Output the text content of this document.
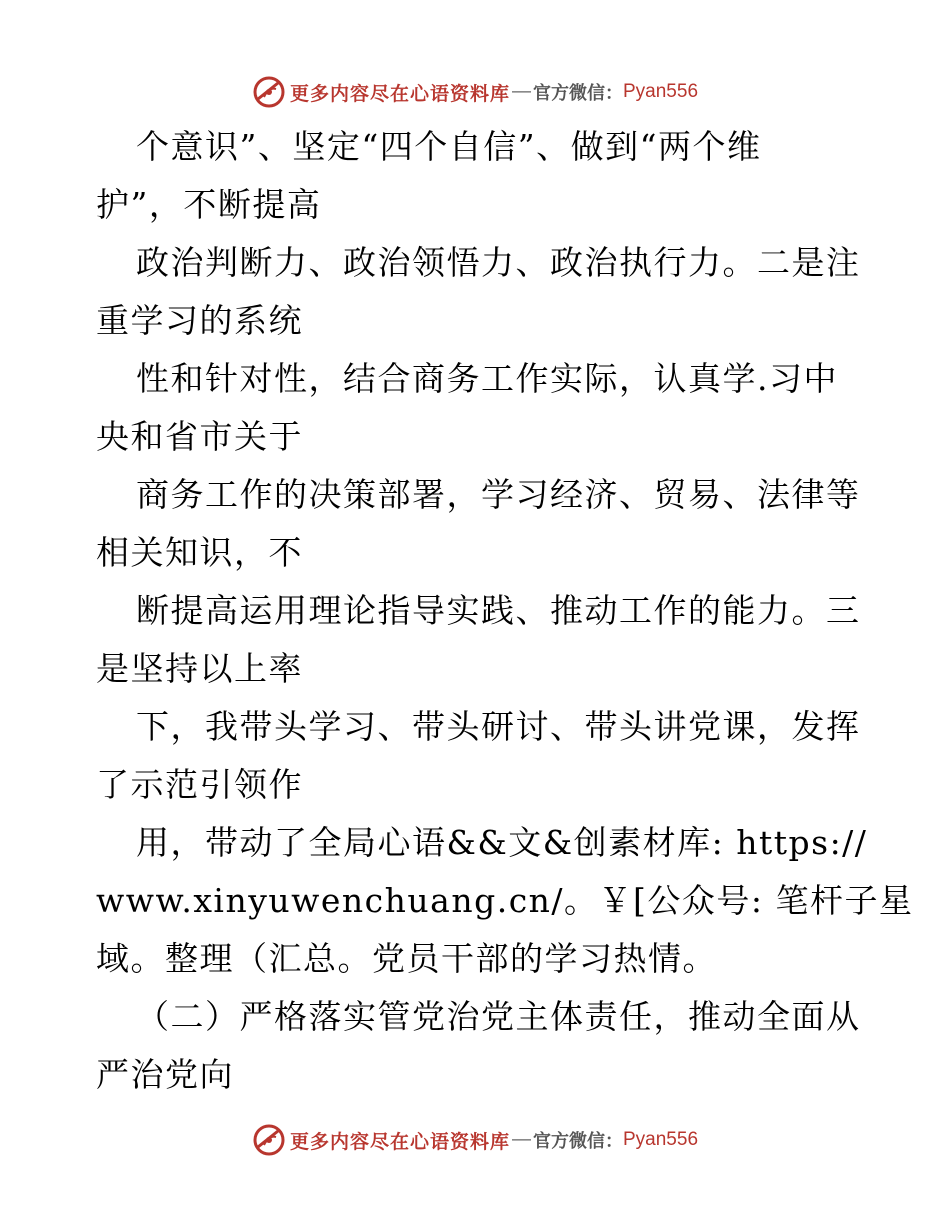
更多内容尽在心语资料库 — 官方微信： Pyan556
个意识”、坚定“四个自信”、做到“两个维
护”，不断提高
政治判断力、政治领悟力、政治执行力。二是注
重学习的系统
性和针对性，结合商务工作实际，认真学.习中
央和省市关于
商务工作的决策部署，学习经济、贸易、法律等
相关知识，不
断提高运用理论指导实践、推动工作的能力。三
是坚持以上率
下，我带头学习、带头研讨、带头讲党课，发挥
了示范引领作
用，带动了全局心语&&文&创素材库: https://
www.xinyuwenchuang.cn/。￥[公众号: 笔杆子星
域。整理（汇总。党员干部的学习热情。
（二）严格落实管党治党主体责任，推动全面从
严治党向
更多内容尽在心语资料库 — 官方微信： Pyan556
